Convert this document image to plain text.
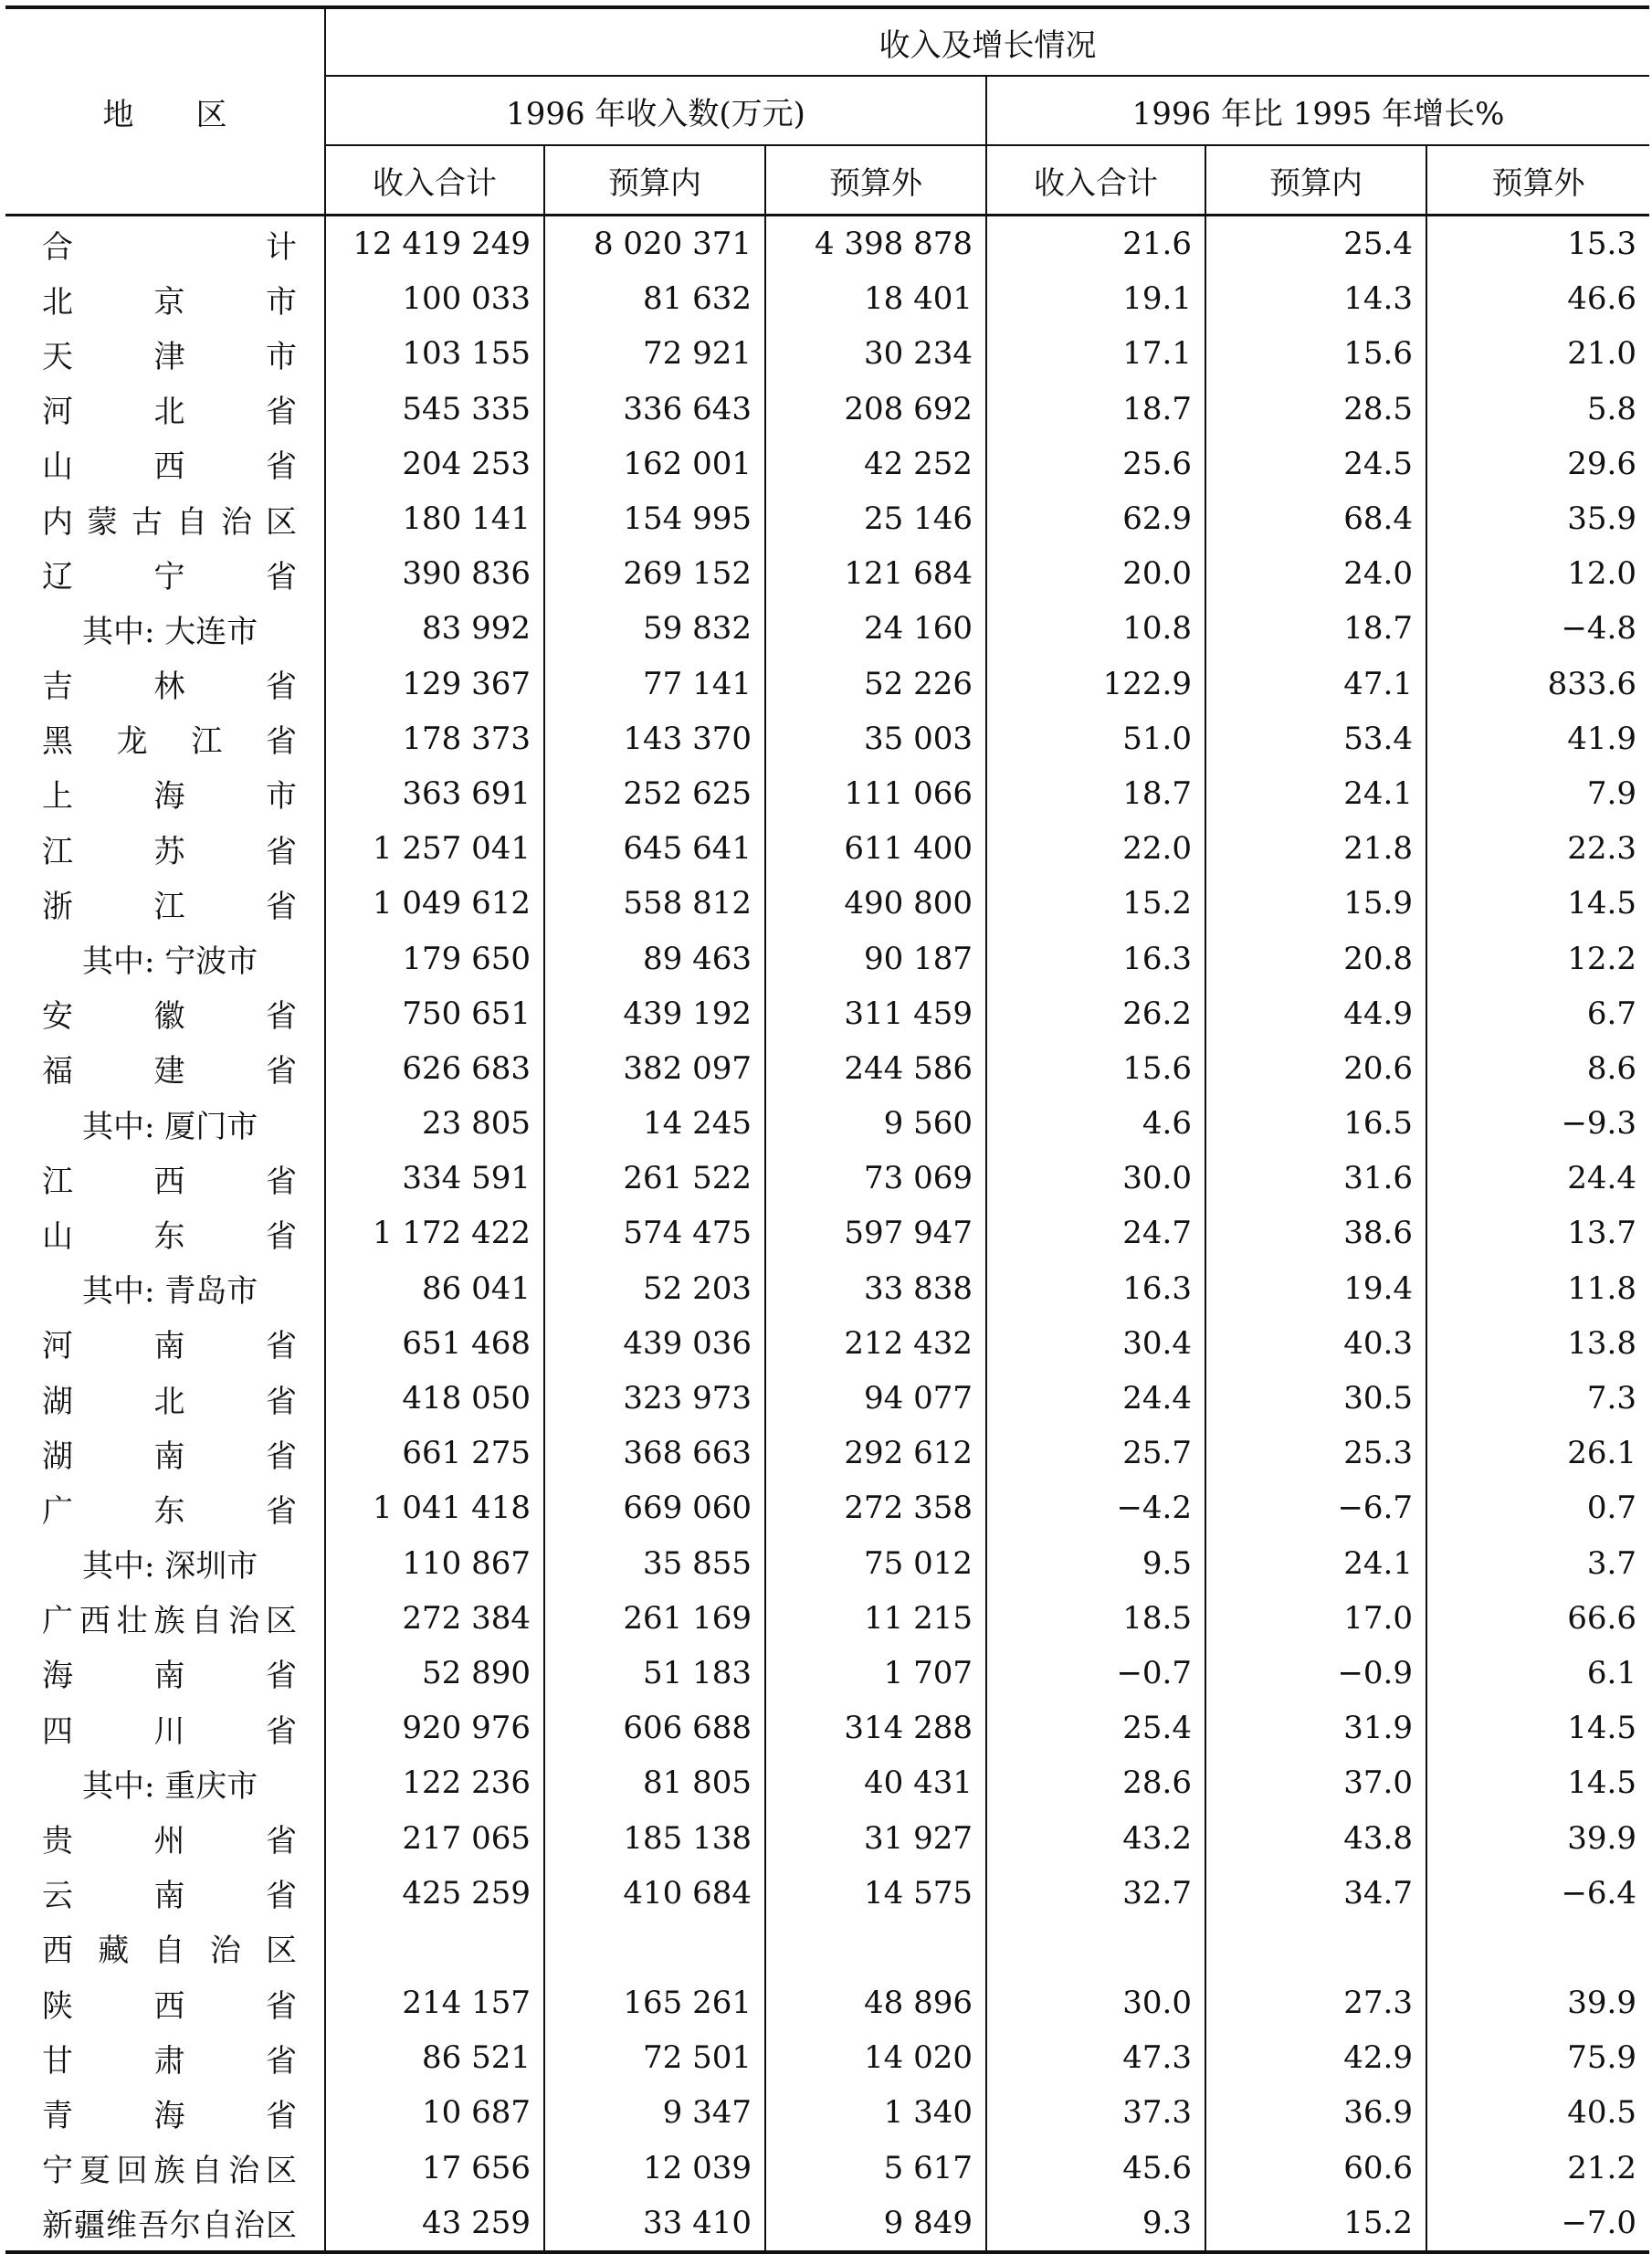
地　　区	收入及增长情况					
	1996 年收入数(万元)			1996 年比 1995 年增长%		
	收入合计	预算内	预算外	收入合计	预算内	预算外
合　计	12 419 249	8 020 371	4 398 878	21.6	25.4	15.3
北京市	100 033	81 632	18 401	19.1	14.3	46.6
天津市	103 155	72 921	30 234	17.1	15.6	21.0
河北省	545 335	336 643	208 692	18.7	28.5	5.8
山西省	204 253	162 001	42 252	25.6	24.5	29.6
内蒙古自治区	180 141	154 995	25 146	62.9	68.4	35.9
辽宁省	390 836	269 152	121 684	20.0	24.0	12.0
其中: 大连市	83 992	59 832	24 160	10.8	18.7	−4.8
吉林省	129 367	77 141	52 226	122.9	47.1	833.6
黑龙江省	178 373	143 370	35 003	51.0	53.4	41.9
上海市	363 691	252 625	111 066	18.7	24.1	7.9
江苏省	1 257 041	645 641	611 400	22.0	21.8	22.3
浙江省	1 049 612	558 812	490 800	15.2	15.9	14.5
其中: 宁波市	179 650	89 463	90 187	16.3	20.8	12.2
安徽省	750 651	439 192	311 459	26.2	44.9	6.7
福建省	626 683	382 097	244 586	15.6	20.6	8.6
其中: 厦门市	23 805	14 245	9 560	4.6	16.5	−9.3
江西省	334 591	261 522	73 069	30.0	31.6	24.4
山东省	1 172 422	574 475	597 947	24.7	38.6	13.7
其中: 青岛市	86 041	52 203	33 838	16.3	19.4	11.8
河南省	651 468	439 036	212 432	30.4	40.3	13.8
湖北省	418 050	323 973	94 077	24.4	30.5	7.3
湖南省	661 275	368 663	292 612	25.7	25.3	26.1
广东省	1 041 418	669 060	272 358	−4.2	−6.7	0.7
其中: 深圳市	110 867	35 855	75 012	9.5	24.1	3.7
广西壮族自治区	272 384	261 169	11 215	18.5	17.0	66.6
海南省	52 890	51 183	1 707	−0.7	−0.9	6.1
四川省	920 976	606 688	314 288	25.4	31.9	14.5
其中: 重庆市	122 236	81 805	40 431	28.6	37.0	14.5
贵州省	217 065	185 138	31 927	43.2	43.8	39.9
云南省	425 259	410 684	14 575	32.7	34.7	−6.4
西藏自治区						
陕西省	214 157	165 261	48 896	30.0	27.3	39.9
甘肃省	86 521	72 501	14 020	47.3	42.9	75.9
青海省	10 687	9 347	1 340	37.3	36.9	40.5
宁夏回族自治区	17 656	12 039	5 617	45.6	60.6	21.2
新疆维吾尔自治区	43 259	33 410	9 849	9.3	15.2	−7.0
